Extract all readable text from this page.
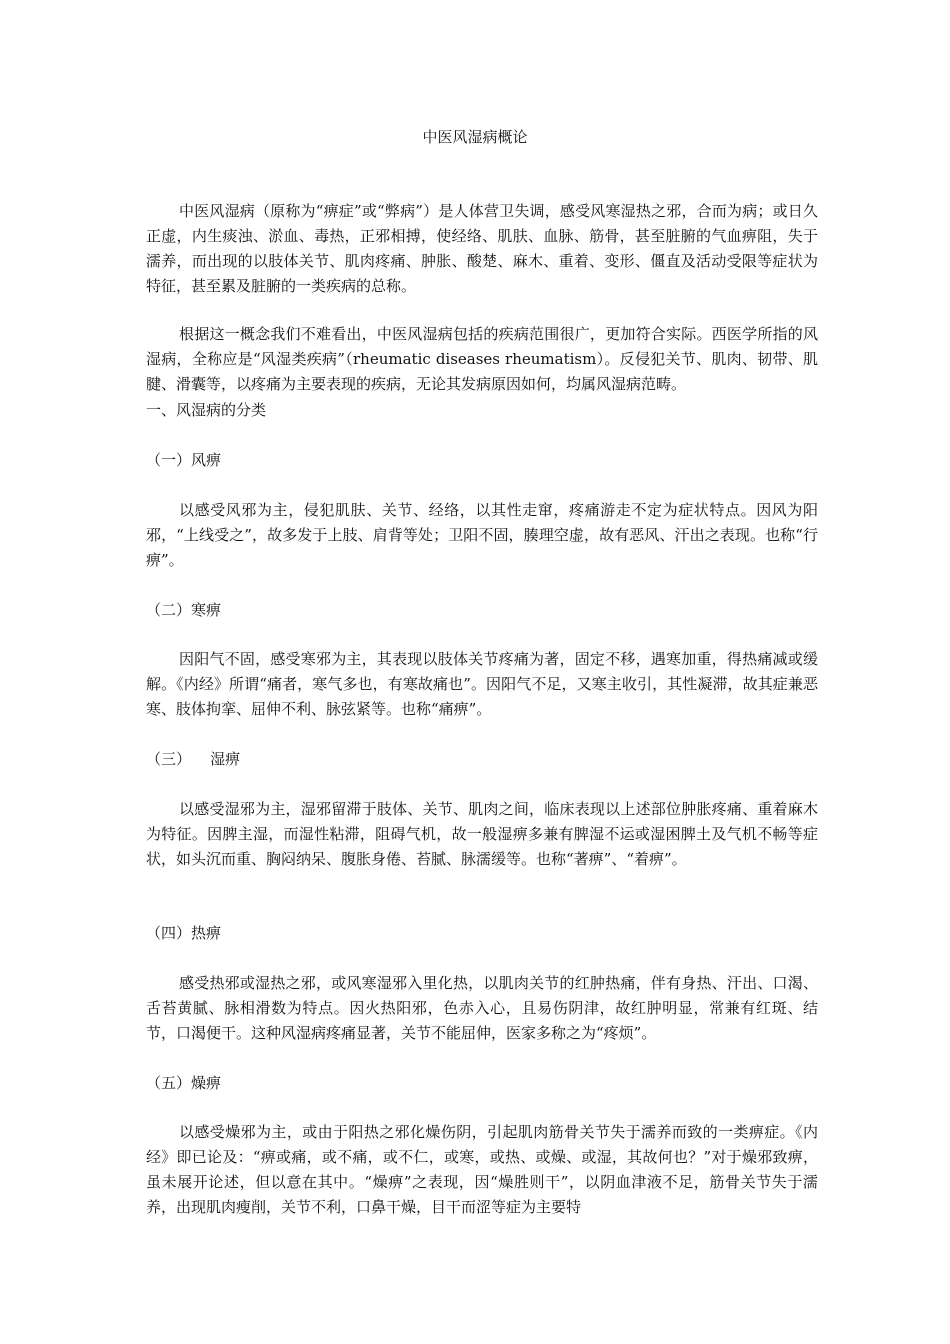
中医风湿病概论

中医风湿病（原称为“痹症”或“弊病”）是人体营卫失调，感受风寒湿热之邪，合而为病；或日久正虚，内生痰浊、淤血、毒热，正邪相搏，使经络、肌肤、血脉、筋骨，甚至脏腑的气血痹阻，失于濡养，而出现的以肢体关节、肌肉疼痛、肿胀、酸楚、麻木、重着、变形、僵直及活动受限等症状为特征，甚至累及脏腑的一类疾病的总称。

根据这一概念我们不难看出，中医风湿病包括的疾病范围很广，更加符合实际。西医学所指的风湿病，全称应是“风湿类疾病”（rheumatic diseases rheumatism）。反侵犯关节、肌肉、韧带、肌腱、滑囊等，以疼痛为主要表现的疾病，无论其发病原因如何，均属风湿病范畴。

一、风湿病的分类

（一）风痹

以感受风邪为主，侵犯肌肤、关节、经络，以其性走窜，疼痛游走不定为症状特点。因风为阳邪，“上线受之”，故多发于上肢、肩背等处；卫阳不固，腠理空虚，故有恶风、汗出之表现。也称“行痹”。

（二）寒痹

因阳气不固，感受寒邪为主，其表现以肢体关节疼痛为著，固定不移，遇寒加重，得热痛减或缓解。《内经》所谓“痛者，寒气多也，有寒故痛也”。因阳气不足，又寒主收引，其性凝滞，故其症兼恶寒、肢体拘挛、屈伸不利、脉弦紧等。也称“痛痹”。

（三）    湿痹

以感受湿邪为主，湿邪留滞于肢体、关节、肌肉之间，临床表现以上述部位肿胀疼痛、重着麻木为特征。因脾主湿，而湿性粘滞，阻碍气机，故一般湿痹多兼有脾湿不运或湿困脾土及气机不畅等症状，如头沉而重、胸闷纳呆、腹胀身倦、苔腻、脉濡缓等。也称“著痹”、“着痹”。

（四）热痹

感受热邪或湿热之邪，或风寒湿邪入里化热，以肌肉关节的红肿热痛，伴有身热、汗出、口渴、舌苔黄腻、脉相滑数为特点。因火热阳邪，色赤入心，且易伤阴津，故红肿明显，常兼有红斑、结节，口渴便干。这种风湿病疼痛显著，关节不能屈伸，医家多称之为“疼烦”。

（五）燥痹

以感受燥邪为主，或由于阳热之邪化燥伤阴，引起肌肉筋骨关节失于濡养而致的一类痹症。《内经》即已论及：“痹或痛，或不痛，或不仁，或寒，或热、或燥、或湿，其故何也？”对于燥邪致痹，虽未展开论述，但以意在其中。“燥痹”之表现，因“燥胜则干”，以阴血津液不足，筋骨关节失于濡养，出现肌肉瘦削，关节不利，口鼻干燥，目干而涩等症为主要特
